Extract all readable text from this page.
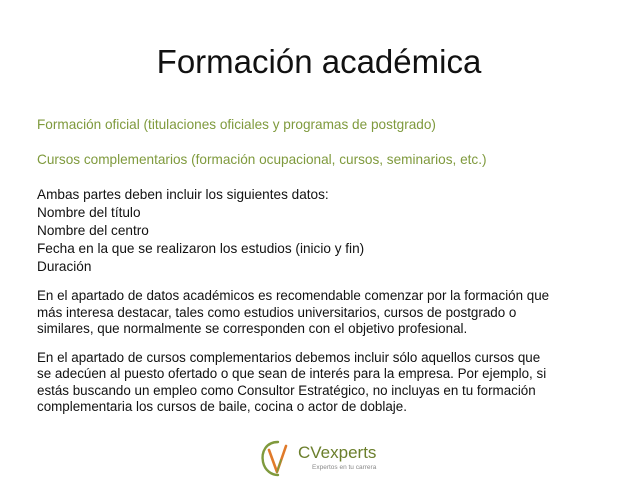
Formación académica
Formación oﬁcial (titulaciones oﬁciales y programas de postgrado)
Cursos complementarios (formación ocupacional, cursos, seminarios, etc.)
Ambas partes deben incluir los siguientes datos:
Nombre del título
Nombre del centro
Fecha en la que se realizaron los estudios (inicio y ﬁn)
Duración
En el apartado de datos académicos es recomendable comenzar por la formación que
más interesa destacar, tales como estudios universitarios, cursos de postgrado o
similares, que normalmente se corresponden con el objetivo profesional.
En el apartado de cursos complementarios debemos incluir sólo aquellos cursos que
se adecúen al puesto ofertado o que sean de interés para la empresa. Por ejemplo, si
estás buscando un empleo como Consultor Estratégico, no incluyas en tu formación
complementaria los cursos de baile, cocina o actor de doblaje.
CVexperts
Expertos en tu carrera
